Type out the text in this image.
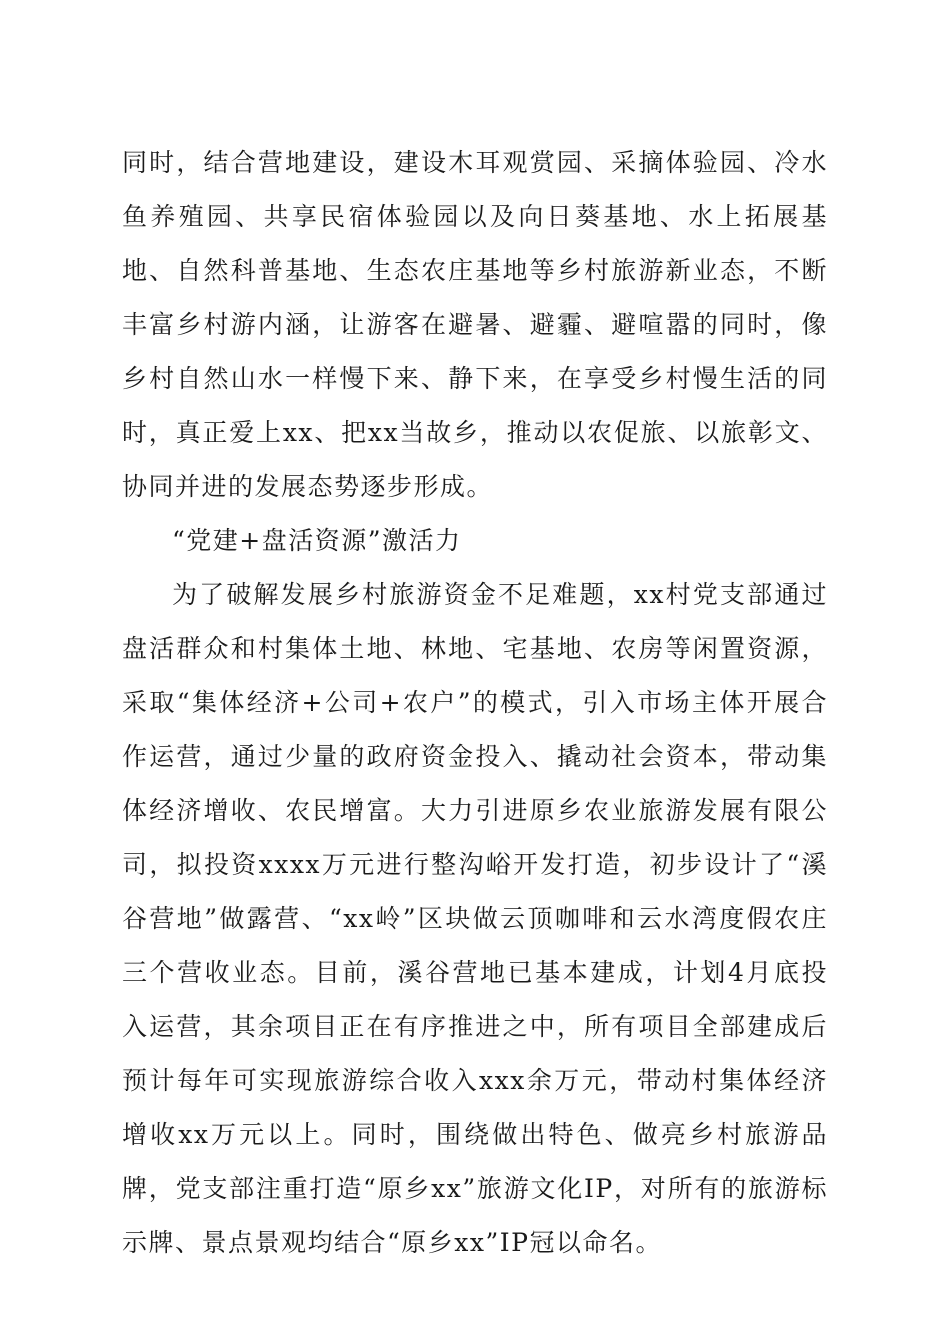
同时，结合营地建设，建设木耳观赏园、采摘体验园、冷水鱼养殖园、共享民宿体验园以及向日葵基地、水上拓展基地、自然科普基地、生态农庄基地等乡村旅游新业态，不断丰富乡村游内涵，让游客在避暑、避霾、避喧嚣的同时，像乡村自然山水一样慢下来、静下来，在享受乡村慢生活的同时，真正爱上xx、把xx当故乡，推动以农促旅、以旅彰文、协同并进的发展态势逐步形成。

“党建+盘活资源”激活力

为了破解发展乡村旅游资金不足难题，xx村党支部通过盘活群众和村集体土地、林地、宅基地、农房等闲置资源，采取“集体经济+公司+农户”的模式，引入市场主体开展合作运营，通过少量的政府资金投入、撬动社会资本，带动集体经济增收、农民增富。大力引进原乡农业旅游发展有限公司，拟投资xxxx万元进行整沟峪开发打造，初步设计了“溪谷营地”做露营、“xx岭”区块做云顶咖啡和云水湾度假农庄三个营收业态。目前，溪谷营地已基本建成，计划4月底投入运营，其余项目正在有序推进之中，所有项目全部建成后预计每年可实现旅游综合收入xxx余万元，带动村集体经济增收xx万元以上。同时，围绕做出特色、做亮乡村旅游品牌，党支部注重打造“原乡xx”旅游文化IP，对所有的旅游标示牌、景点景观均结合“原乡xx”IP冠以命名。
